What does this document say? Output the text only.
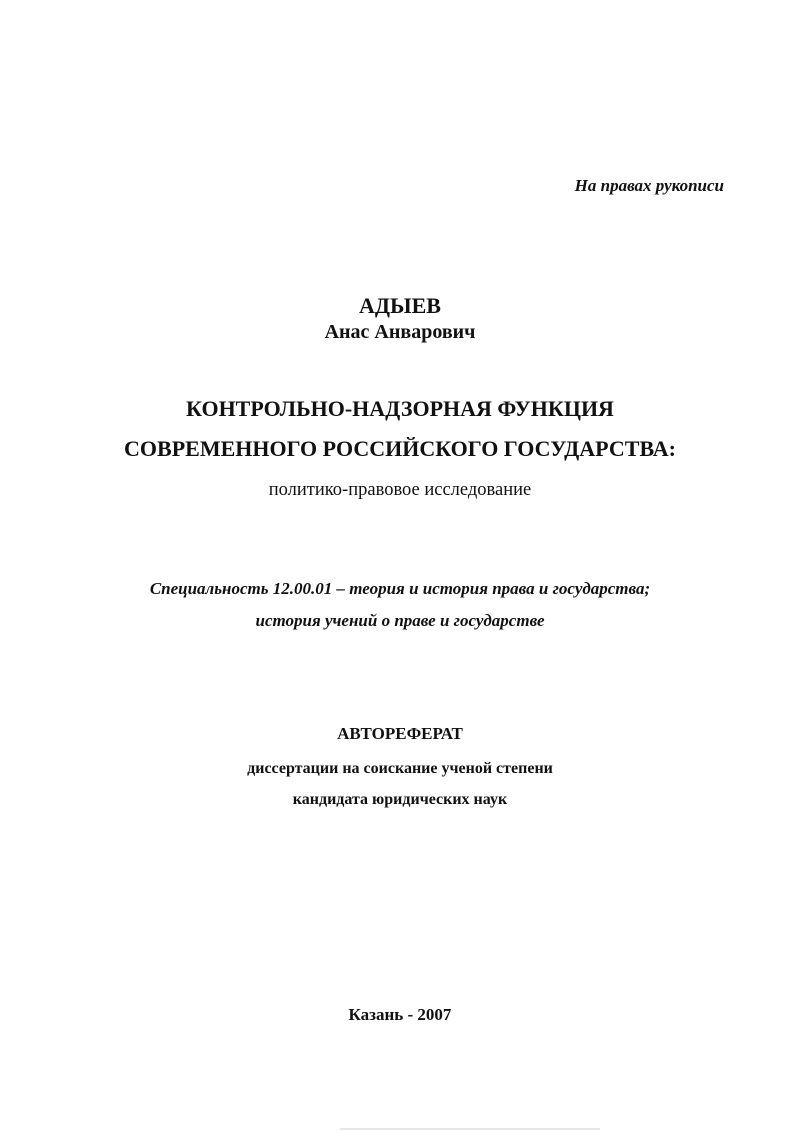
На правах рукописи
АДЫЕВ
Анас Анварович
КОНТРОЛЬНО-НАДЗОРНАЯ ФУНКЦИЯ
СОВРЕМЕННОГО РОССИЙСКОГО ГОСУДАРСТВА:
политико-правовое исследование
Специальность 12.00.01 – теория и история права и государства;
история учений о праве и государстве
АВТОРЕФЕРАТ
диссертации на соискание ученой степени
кандидата юридических наук
Казань - 2007
